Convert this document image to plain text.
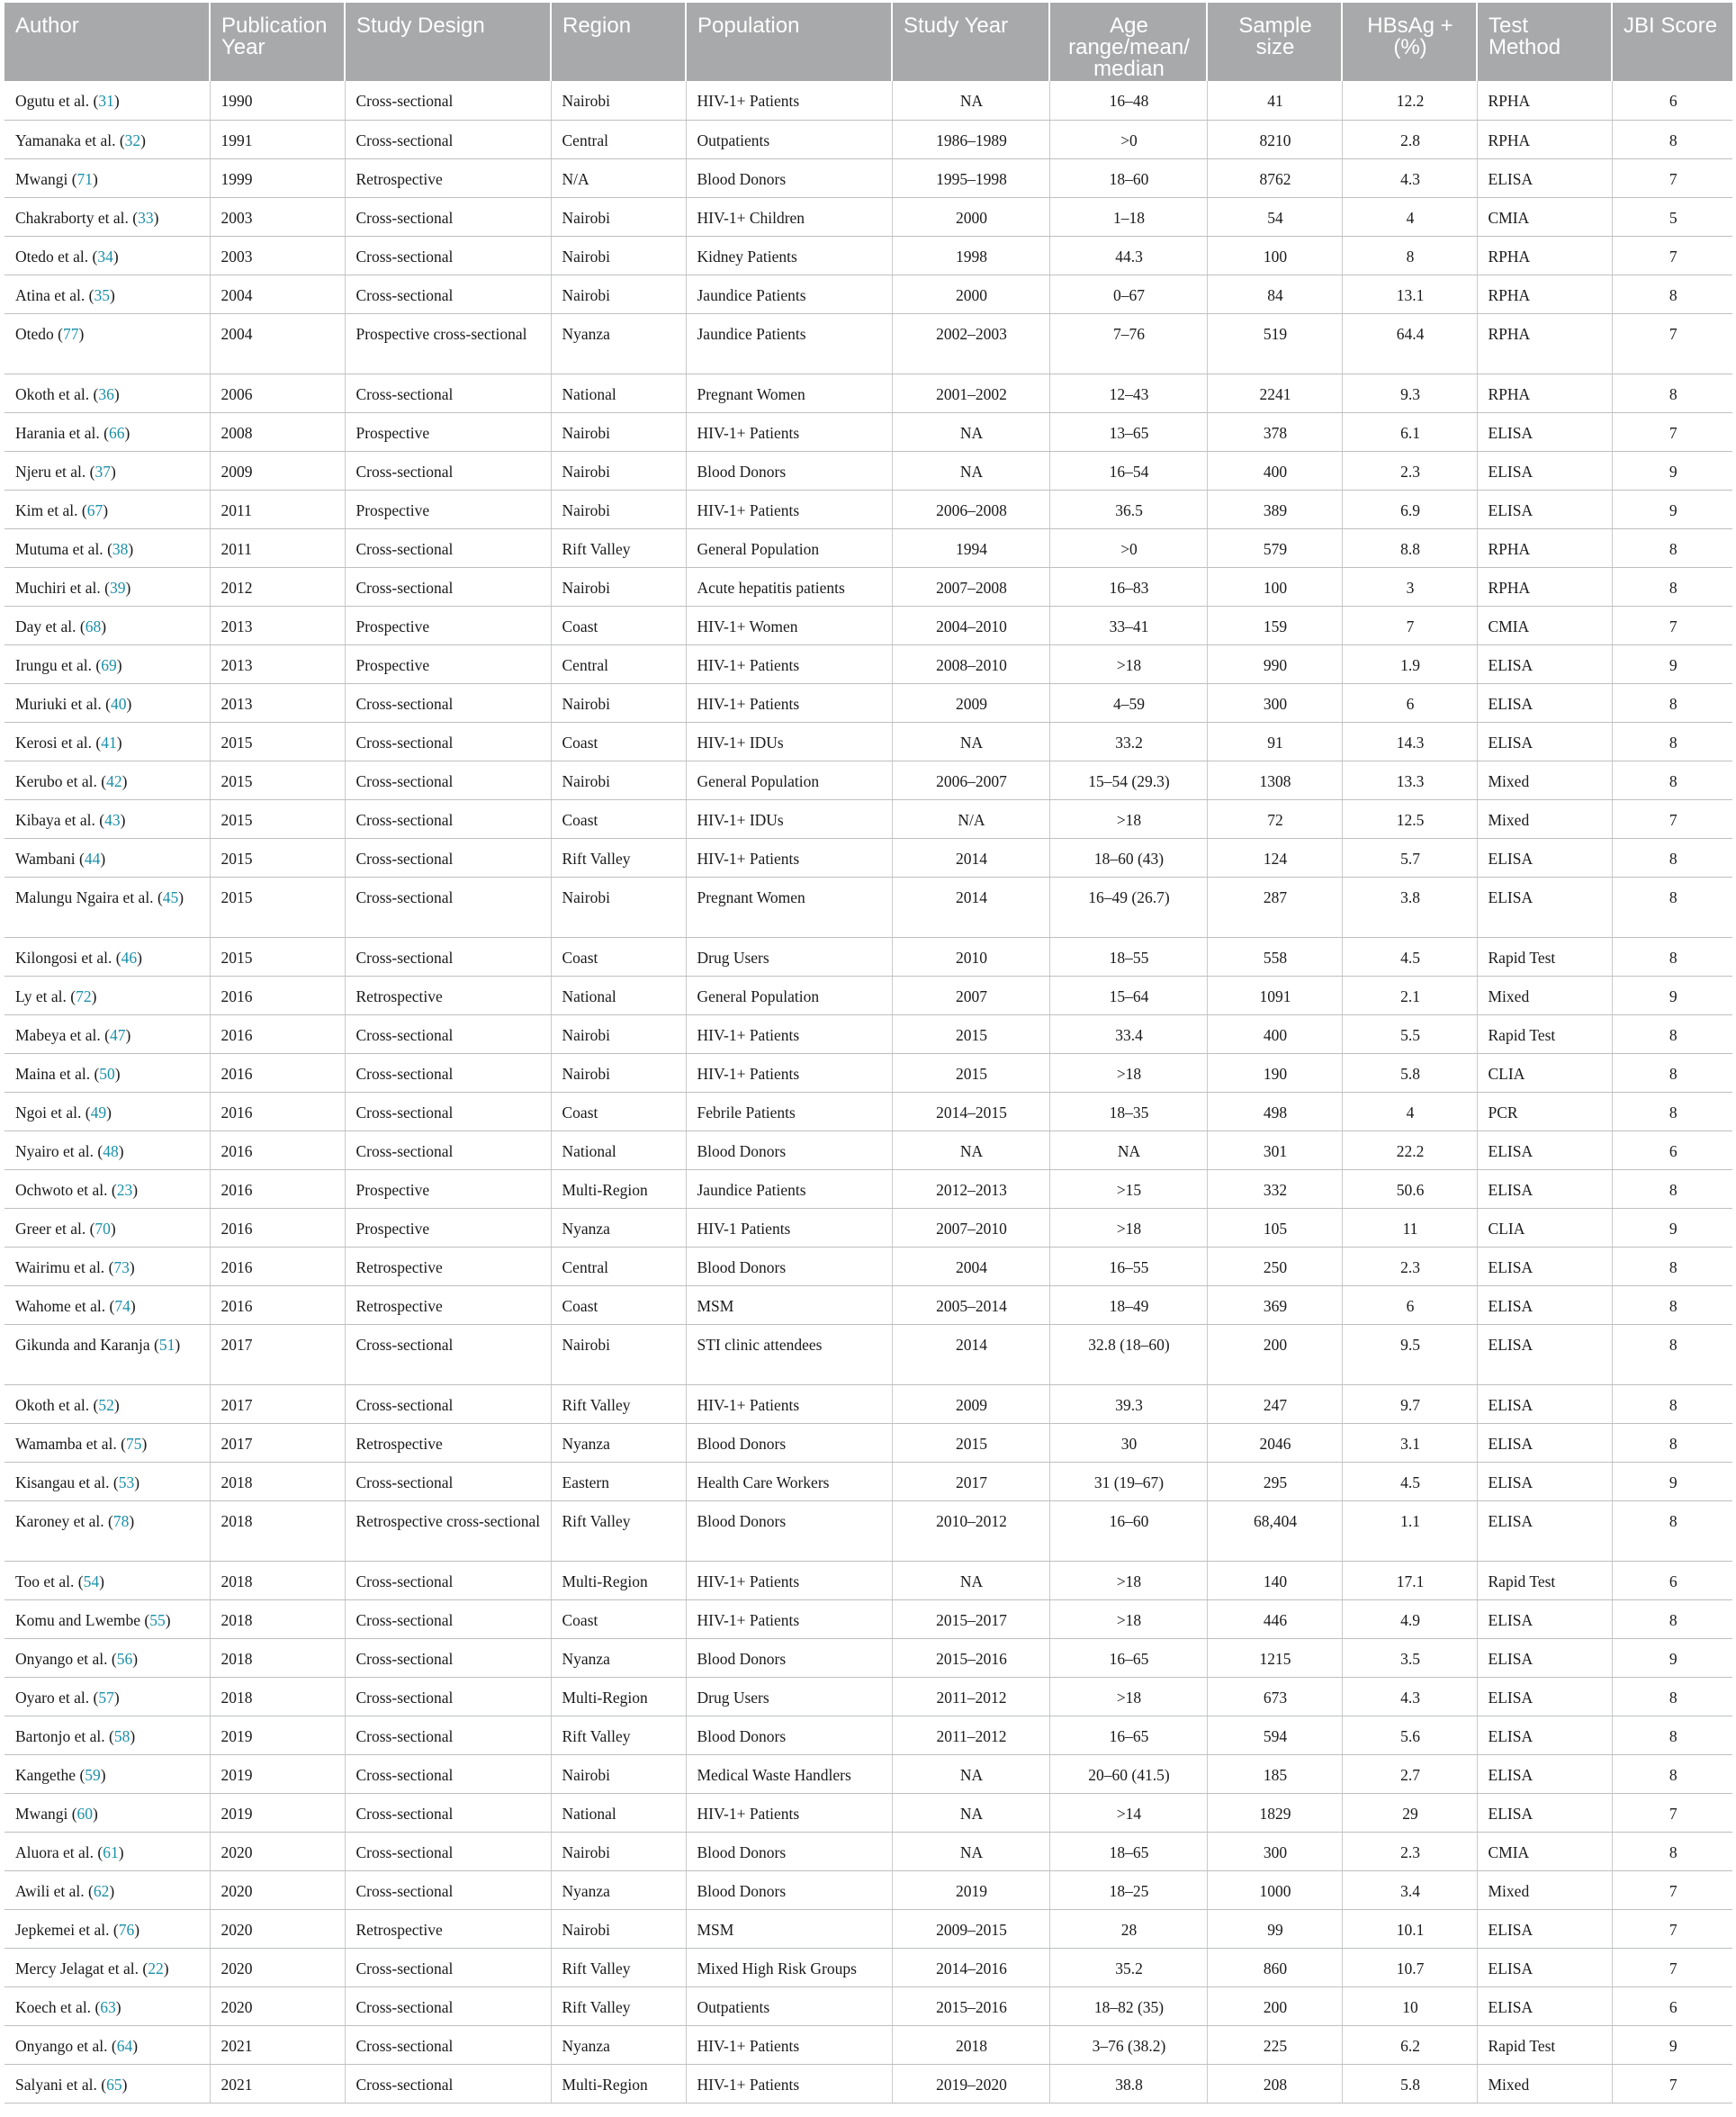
Author	Publication Year	Study Design	Region	Population	Study Year	Age range/mean/ median	Sample size	HBsAg + (%)	Test Method	JBI Score
Ogutu et al. (31)	1990	Cross-sectional	Nairobi	HIV-1+ Patients	NA	16–48	41	12.2	RPHA	6
Yamanaka et al. (32)	1991	Cross-sectional	Central	Outpatients	1986–1989	>0	8210	2.8	RPHA	8
Mwangi (71)	1999	Retrospective	N/A	Blood Donors	1995–1998	18–60	8762	4.3	ELISA	7
Chakraborty et al. (33)	2003	Cross-sectional	Nairobi	HIV-1+ Children	2000	1–18	54	4	CMIA	5
Otedo et al. (34)	2003	Cross-sectional	Nairobi	Kidney Patients	1998	44.3	100	8	RPHA	7
Atina et al. (35)	2004	Cross-sectional	Nairobi	Jaundice Patients	2000	0–67	84	13.1	RPHA	8
Otedo (77)	2004	Prospective cross-sectional	Nyanza	Jaundice Patients	2002–2003	7–76	519	64.4	RPHA	7
Okoth et al. (36)	2006	Cross-sectional	National	Pregnant Women	2001–2002	12–43	2241	9.3	RPHA	8
Harania et al. (66)	2008	Prospective	Nairobi	HIV-1+ Patients	NA	13–65	378	6.1	ELISA	7
Njeru et al. (37)	2009	Cross-sectional	Nairobi	Blood Donors	NA	16–54	400	2.3	ELISA	9
Kim et al. (67)	2011	Prospective	Nairobi	HIV-1+ Patients	2006–2008	36.5	389	6.9	ELISA	9
Mutuma et al. (38)	2011	Cross-sectional	Rift Valley	General Population	1994	>0	579	8.8	RPHA	8
Muchiri et al. (39)	2012	Cross-sectional	Nairobi	Acute hepatitis patients	2007–2008	16–83	100	3	RPHA	8
Day et al. (68)	2013	Prospective	Coast	HIV-1+ Women	2004–2010	33–41	159	7	CMIA	7
Irungu et al. (69)	2013	Prospective	Central	HIV-1+ Patients	2008–2010	>18	990	1.9	ELISA	9
Muriuki et al. (40)	2013	Cross-sectional	Nairobi	HIV-1+ Patients	2009	4–59	300	6	ELISA	8
Kerosi et al. (41)	2015	Cross-sectional	Coast	HIV-1+ IDUs	NA	33.2	91	14.3	ELISA	8
Kerubo et al. (42)	2015	Cross-sectional	Nairobi	General Population	2006–2007	15–54 (29.3)	1308	13.3	Mixed	8
Kibaya et al. (43)	2015	Cross-sectional	Coast	HIV-1+ IDUs	N/A	>18	72	12.5	Mixed	7
Wambani (44)	2015	Cross-sectional	Rift Valley	HIV-1+ Patients	2014	18–60 (43)	124	5.7	ELISA	8
Malungu Ngaira et al. (45)	2015	Cross-sectional	Nairobi	Pregnant Women	2014	16–49 (26.7)	287	3.8	ELISA	8
Kilongosi et al. (46)	2015	Cross-sectional	Coast	Drug Users	2010	18–55	558	4.5	Rapid Test	8
Ly et al. (72)	2016	Retrospective	National	General Population	2007	15–64	1091	2.1	Mixed	9
Mabeya et al. (47)	2016	Cross-sectional	Nairobi	HIV-1+ Patients	2015	33.4	400	5.5	Rapid Test	8
Maina et al. (50)	2016	Cross-sectional	Nairobi	HIV-1+ Patients	2015	>18	190	5.8	CLIA	8
Ngoi et al. (49)	2016	Cross-sectional	Coast	Febrile Patients	2014–2015	18–35	498	4	PCR	8
Nyairo et al. (48)	2016	Cross-sectional	National	Blood Donors	NA	NA	301	22.2	ELISA	6
Ochwoto et al. (23)	2016	Prospective	Multi-Region	Jaundice Patients	2012–2013	>15	332	50.6	ELISA	8
Greer et al. (70)	2016	Prospective	Nyanza	HIV-1 Patients	2007–2010	>18	105	11	CLIA	9
Wairimu et al. (73)	2016	Retrospective	Central	Blood Donors	2004	16–55	250	2.3	ELISA	8
Wahome et al. (74)	2016	Retrospective	Coast	MSM	2005–2014	18–49	369	6	ELISA	8
Gikunda and Karanja (51)	2017	Cross-sectional	Nairobi	STI clinic attendees	2014	32.8 (18–60)	200	9.5	ELISA	8
Okoth et al. (52)	2017	Cross-sectional	Rift Valley	HIV-1+ Patients	2009	39.3	247	9.7	ELISA	8
Wamamba et al. (75)	2017	Retrospective	Nyanza	Blood Donors	2015	30	2046	3.1	ELISA	8
Kisangau et al. (53)	2018	Cross-sectional	Eastern	Health Care Workers	2017	31 (19–67)	295	4.5	ELISA	9
Karoney et al. (78)	2018	Retrospective cross-sectional	Rift Valley	Blood Donors	2010–2012	16–60	68,404	1.1	ELISA	8
Too et al. (54)	2018	Cross-sectional	Multi-Region	HIV-1+ Patients	NA	>18	140	17.1	Rapid Test	6
Komu and Lwembe (55)	2018	Cross-sectional	Coast	HIV-1+ Patients	2015–2017	>18	446	4.9	ELISA	8
Onyango et al. (56)	2018	Cross-sectional	Nyanza	Blood Donors	2015–2016	16–65	1215	3.5	ELISA	9
Oyaro et al. (57)	2018	Cross-sectional	Multi-Region	Drug Users	2011–2012	>18	673	4.3	ELISA	8
Bartonjo et al. (58)	2019	Cross-sectional	Rift Valley	Blood Donors	2011–2012	16–65	594	5.6	ELISA	8
Kangethe (59)	2019	Cross-sectional	Nairobi	Medical Waste Handlers	NA	20–60 (41.5)	185	2.7	ELISA	8
Mwangi (60)	2019	Cross-sectional	National	HIV-1+ Patients	NA	>14	1829	29	ELISA	7
Aluora et al. (61)	2020	Cross-sectional	Nairobi	Blood Donors	NA	18–65	300	2.3	CMIA	8
Awili et al. (62)	2020	Cross-sectional	Nyanza	Blood Donors	2019	18–25	1000	3.4	Mixed	7
Jepkemei et al. (76)	2020	Retrospective	Nairobi	MSM	2009–2015	28	99	10.1	ELISA	7
Mercy Jelagat et al. (22)	2020	Cross-sectional	Rift Valley	Mixed High Risk Groups	2014–2016	35.2	860	10.7	ELISA	7
Koech et al. (63)	2020	Cross-sectional	Rift Valley	Outpatients	2015–2016	18–82 (35)	200	10	ELISA	6
Onyango et al. (64)	2021	Cross-sectional	Nyanza	HIV-1+ Patients	2018	3–76 (38.2)	225	6.2	Rapid Test	9
Salyani et al. (65)	2021	Cross-sectional	Multi-Region	HIV-1+ Patients	2019–2020	38.8	208	5.8	Mixed	7
